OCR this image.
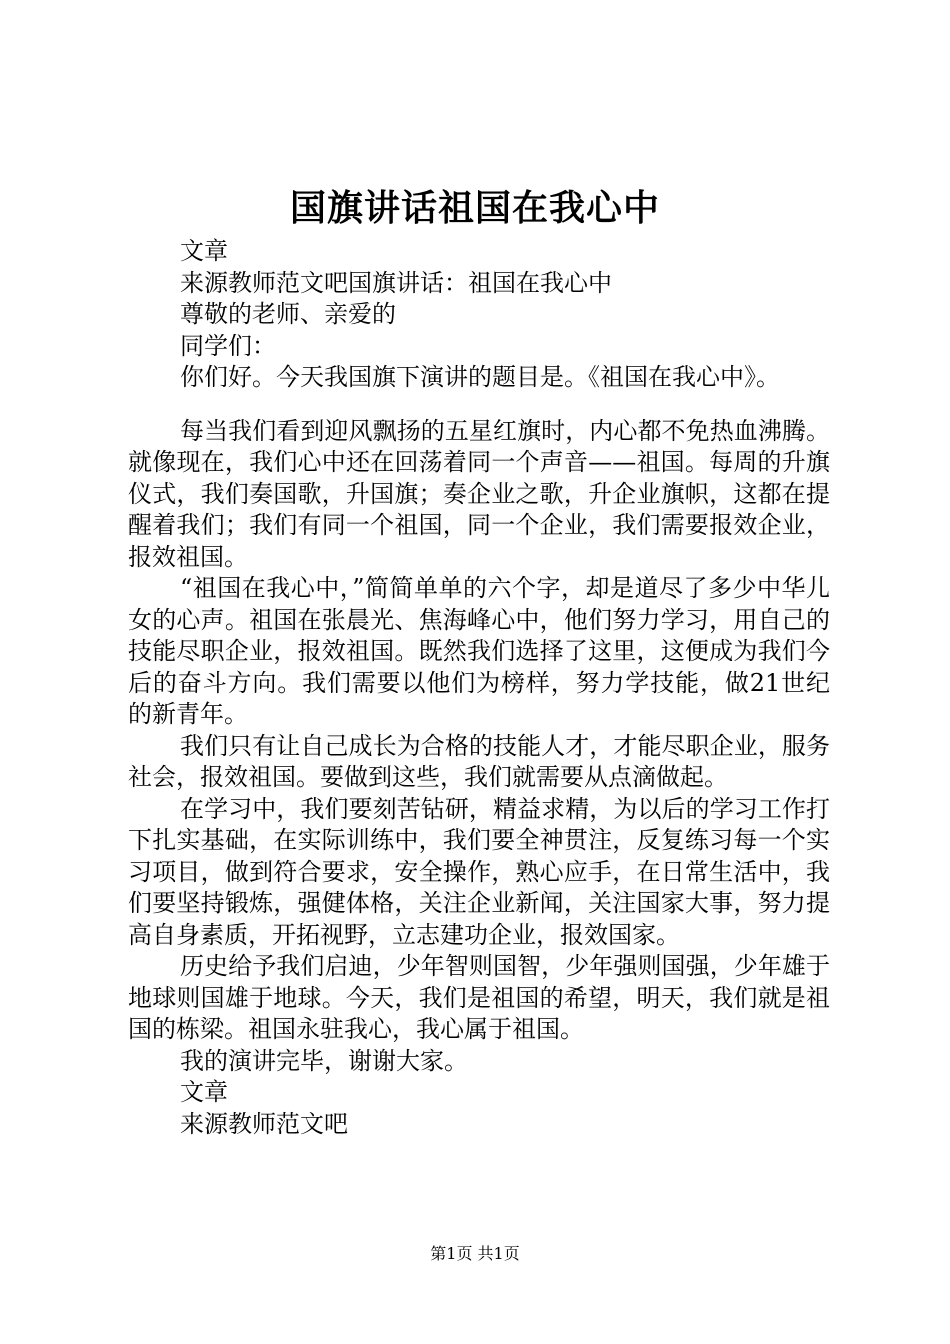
国旗讲话祖国在我心中
文章
来源教师范文吧国旗讲话：祖国在我心中
尊敬的老师、亲爱的
同学们：
你们好。今天我国旗下演讲的题目是。《祖国在我心中》。
每当我们看到迎风飘扬的五星红旗时，内心都不免热血沸腾。就像现在，我们心中还在回荡着同一个声音——祖国。每周的升旗仪式，我们奏国歌，升国旗；奏企业之歌，升企业旗帜，这都在提醒着我们；我们有同一个祖国，同一个企业，我们需要报效企业，报效祖国。
“祖国在我心中，”简简单单的六个字，却是道尽了多少中华儿女的心声。祖国在张晨光、焦海峰心中，他们努力学习，用自己的技能尽职企业，报效祖国。既然我们选择了这里，这便成为我们今后的奋斗方向。我们需要以他们为榜样，努力学技能，做21世纪的新青年。
我们只有让自己成长为合格的技能人才，才能尽职企业，服务社会，报效祖国。要做到这些，我们就需要从点滴做起。
在学习中，我们要刻苦钻研，精益求精，为以后的学习工作打下扎实基础，在实际训练中，我们要全神贯注，反复练习每一个实习项目，做到符合要求，安全操作，熟心应手，在日常生活中，我们要坚持锻炼，强健体格，关注企业新闻，关注国家大事，努力提高自身素质，开拓视野，立志建功企业，报效国家。
历史给予我们启迪，少年智则国智，少年强则国强，少年雄于地球则国雄于地球。今天，我们是祖国的希望，明天，我们就是祖国的栋梁。祖国永驻我心，我心属于祖国。
我的演讲完毕，谢谢大家。
文章
来源教师范文吧
第1页 共1页
